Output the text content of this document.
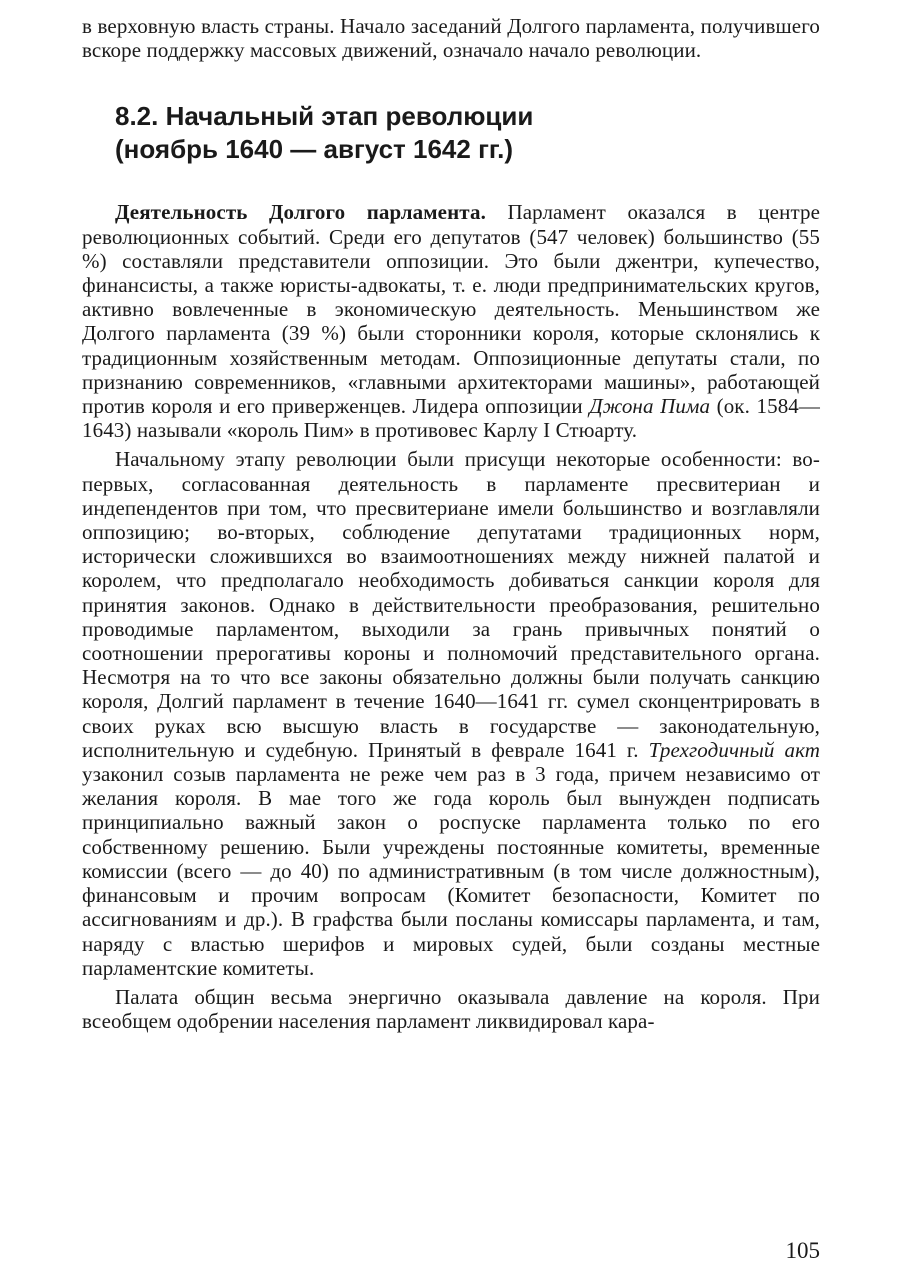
в верховную власть страны. Начало заседаний Долгого парламента, получившего вскоре поддержку массовых движений, означало начало революции.

8.2. Начальный этап революции
(ноябрь 1640 — август 1642 гг.)

Деятельность Долгого парламента. Парламент оказался в центре революционных событий. Среди его депутатов (547 человек) большинство (55 %) составляли представители оппозиции. Это были джентри, купечество, финансисты, а также юристы-адвокаты, т. е. люди предпринимательских кругов, активно вовлеченные в экономическую деятельность. Меньшинством же Долгого парламента (39 %) были сторонники короля, которые склонялись к традиционным хозяйственным методам. Оппозиционные депутаты стали, по признанию современников, «главными архитекторами машины», работающей против короля и его приверженцев. Лидера оппозиции Джона Пима (ок. 1584—1643) называли «король Пим» в противовес Карлу I Стюарту.

Начальному этапу революции были присущи некоторые особенности: во-первых, согласованная деятельность в парламенте пресвитериан и индепендентов при том, что пресвитериане имели большинство и возглавляли оппозицию; во-вторых, соблюдение депутатами традиционных норм, исторически сложившихся во взаимоотношениях между нижней палатой и королем, что предполагало необходимость добиваться санкции короля для принятия законов. Однако в действительности преобразования, решительно проводимые парламентом, выходили за грань привычных понятий о соотношении прерогативы короны и полномочий представительного органа. Несмотря на то что все законы обязательно должны были получать санкцию короля, Долгий парламент в течение 1640—1641 гг. сумел сконцентрировать в своих руках всю высшую власть в государстве — законодательную, исполнительную и судебную. Принятый в феврале 1641 г. Трехгодичный акт узаконил созыв парламента не реже чем раз в 3 года, причем независимо от желания короля. В мае того же года король был вынужден подписать принципиально важный закон о роспуске парламента только по его собственному решению. Были учреждены постоянные комитеты, временные комиссии (всего — до 40) по административным (в том числе должностным), финансовым и прочим вопросам (Комитет безопасности, Комитет по ассигнованиям и др.). В графства были посланы комиссары парламента, и там, наряду с властью шерифов и мировых судей, были созданы местные парламентские комитеты.

Палата общин весьма энергично оказывала давление на короля. При всеобщем одобрении населения парламент ликвидировал кара-

105
